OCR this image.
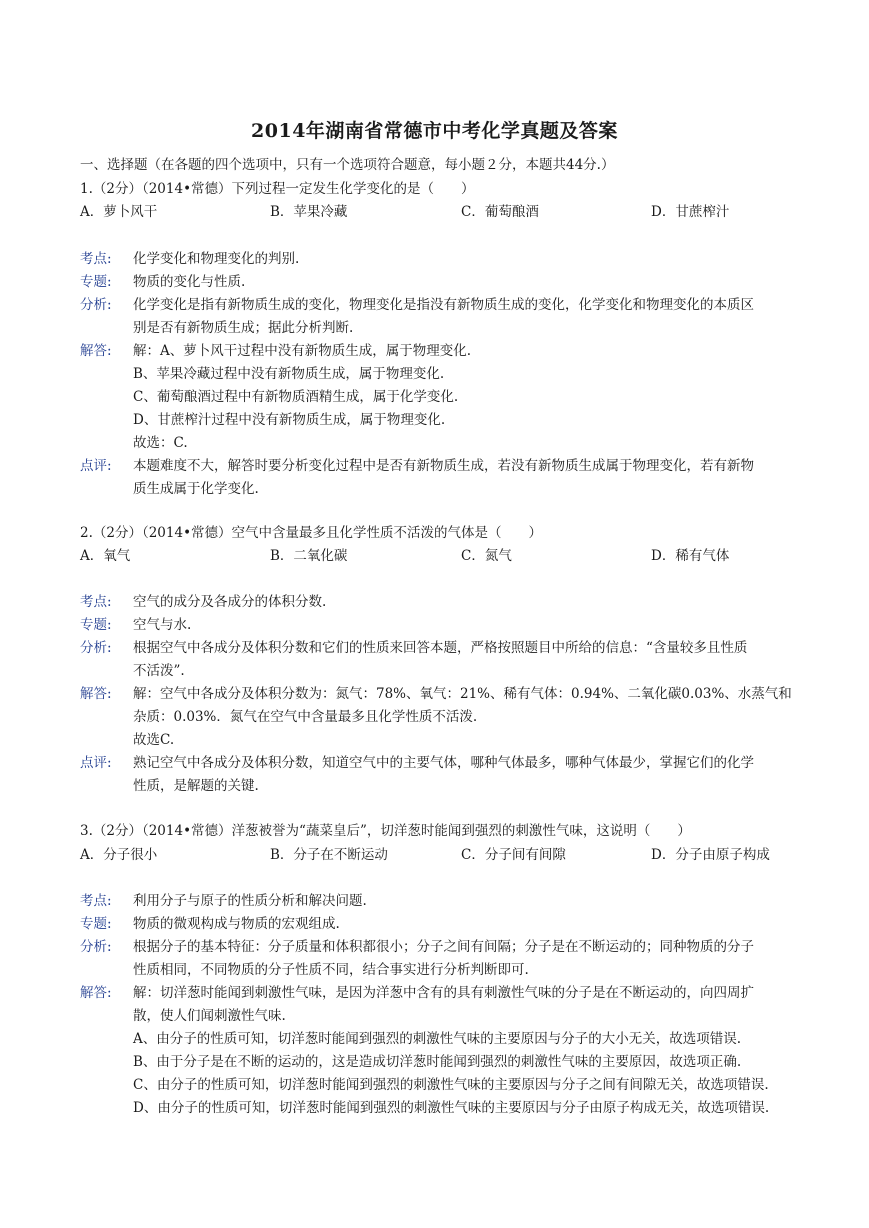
2014年湖南省常德市中考化学真题及答案
一、选择题（在各题的四个选项中，只有一个选项符合题意，每小题２分，本题共44分.）
1.（2分）（2014•常德）下列过程一定发生化学变化的是（　　）
A．萝卜风干	B．苹果冷藏	C．葡萄酿酒	D．甘蔗榨汁
考点: 化学变化和物理变化的判别.
专题: 物质的变化与性质.
分析: 化学变化是指有新物质生成的变化，物理变化是指没有新物质生成的变化，化学变化和物理变化的本质区
别是否有新物质生成；据此分析判断.
解答: 解：A、萝卜风干过程中没有新物质生成，属于物理变化.
B、苹果冷藏过程中没有新物质生成，属于物理变化.
C、葡萄酿酒过程中有新物质酒精生成，属于化学变化.
D、甘蔗榨汁过程中没有新物质生成，属于物理变化.
故选：C.
点评: 本题难度不大，解答时要分析变化过程中是否有新物质生成，若没有新物质生成属于物理变化，若有新物
质生成属于化学变化.
2.（2分）（2014•常德）空气中含量最多且化学性质不活泼的气体是（　　）
A．氧气	B．二氧化碳	C．氮气	D．稀有气体
考点: 空气的成分及各成分的体积分数.
专题: 空气与水.
分析: 根据空气中各成分及体积分数和它们的性质来回答本题，严格按照题目中所给的信息：“含量较多且性质
不活泼”.
解答: 解：空气中各成分及体积分数为：氮气：78%、氧气：21%、稀有气体：0.94%、二氧化碳0.03%、水蒸气和
杂质：0.03%．氮气在空气中含量最多且化学性质不活泼.
故选C.
点评: 熟记空气中各成分及体积分数，知道空气中的主要气体，哪种气体最多，哪种气体最少，掌握它们的化学
性质，是解题的关键.
3.（2分）（2014•常德）洋葱被誉为“蔬菜皇后”，切洋葱时能闻到强烈的刺激性气味，这说明（　　）
A．分子很小	B．分子在不断运动	C．分子间有间隙	D．分子由原子构成
考点: 利用分子与原子的性质分析和解决问题.
专题: 物质的微观构成与物质的宏观组成.
分析: 根据分子的基本特征：分子质量和体积都很小；分子之间有间隔；分子是在不断运动的；同种物质的分子
性质相同，不同物质的分子性质不同，结合事实进行分析判断即可.
解答: 解：切洋葱时能闻到刺激性气味，是因为洋葱中含有的具有刺激性气味的分子是在不断运动的，向四周扩
散，使人们闻刺激性气味.
A、由分子的性质可知，切洋葱时能闻到强烈的刺激性气味的主要原因与分子的大小无关，故选项错误.
B、由于分子是在不断的运动的，这是造成切洋葱时能闻到强烈的刺激性气味的主要原因，故选项正确.
C、由分子的性质可知，切洋葱时能闻到强烈的刺激性气味的主要原因与分子之间有间隙无关，故选项错误.
D、由分子的性质可知，切洋葱时能闻到强烈的刺激性气味的主要原因与分子由原子构成无关，故选项错误.
